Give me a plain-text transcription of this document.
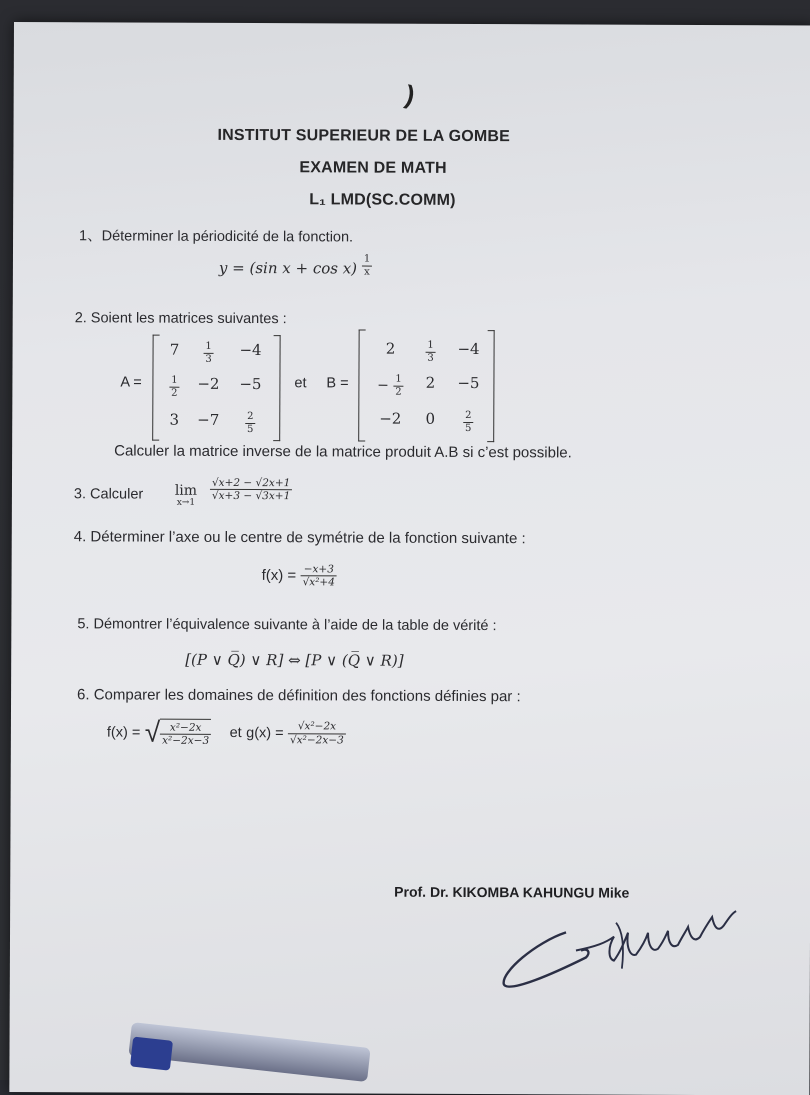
)
INSTITUT SUPERIEUR DE LA GOMBE
EXAMEN DE MATH
L₁ LMD(SC.COMM)
1、Déterminer la périodicité de la fonction.
y = (sin $x + \cos x) \frac{1}{x}$
2. Soient les matrices suivantes :
A =
7	$\frac{1}{3}$	−4
$\frac{1}{2}$	−2	−5
3	−7	$\frac{2}{5}$
et B =
2	$\frac{1}{3}$	−4
− $\frac{1}{2}$	2	−5
−2	0	$\frac{2}{5}$
Calculer la matrice inverse de la matrice produit A.B si c’est possible.
3. Calculer lim
x→1
$\frac{√x+2 - √2x+1}{√x+3 - √3x+1}$
4. Déterminer l’axe ou le centre de symétrie de la fonction suivante :
$f(x) = \frac{-x+3}{\text{√x²+4}}$
5. Démontrer l’équivalence suivante à l’aide de la table de vérité :
[(P ∨ Q̅) ∨ R] ⇔ [P ∨ (Q̅ ∨ R)]
6. Comparer les domaines de définition des fonctions définies par :
f(x) = √ $\frac{\text{x²−2x}}{\text{x²−2x−3}}$ et $g(x) = \frac{\text{√x²−2x}}{\text{√x²−2x−3}}$
Prof. Dr. KIKOMBA KAHUNGU Mike
